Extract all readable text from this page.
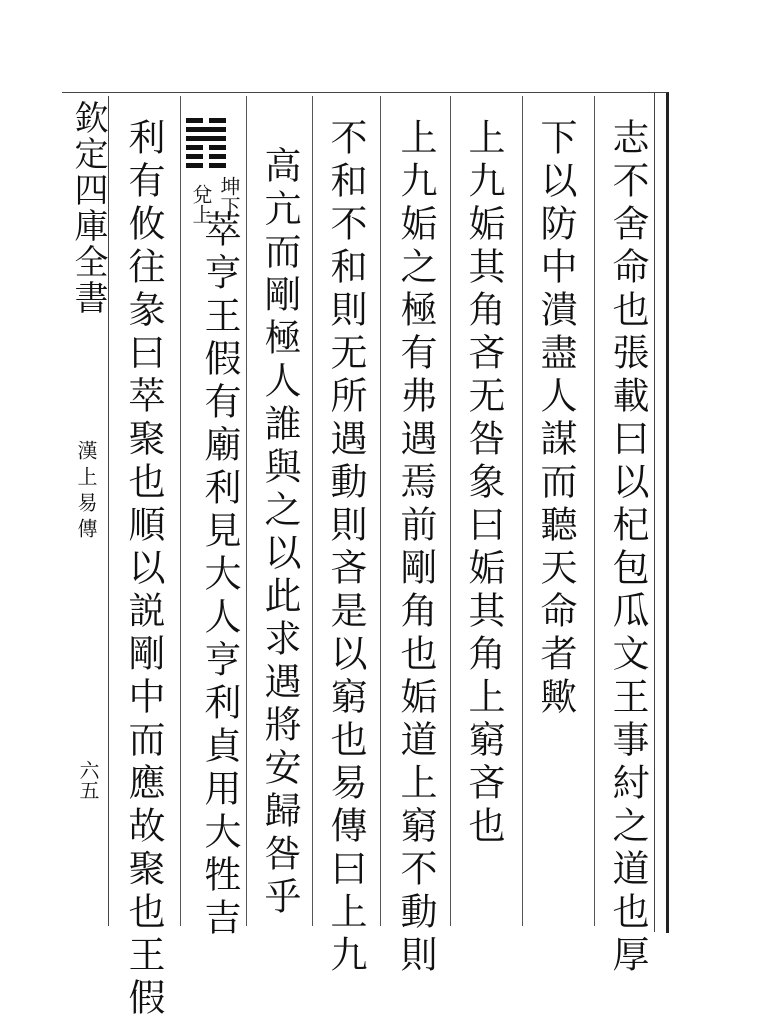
欽定四庫全書
漢上易傳
六五	志不舍命也張載曰以杞包瓜文王事紂之道也厚
下以防中潰盡人謀而聽天命者歟
上九姤其角吝无咎象曰姤其角上窮吝也
上九姤之極有弗遇焉前剛角也姤道上窮不動則
不和不和則无所遇動則吝是以窮也易傳曰上九
高亢而剛極人誰與之以此求遇將安歸咎乎
萃亨王假有廟利見大人亨利貞用大牲吉
利有攸往彖曰萃聚也順以説剛中而應故聚也王假	坤下
兌上
